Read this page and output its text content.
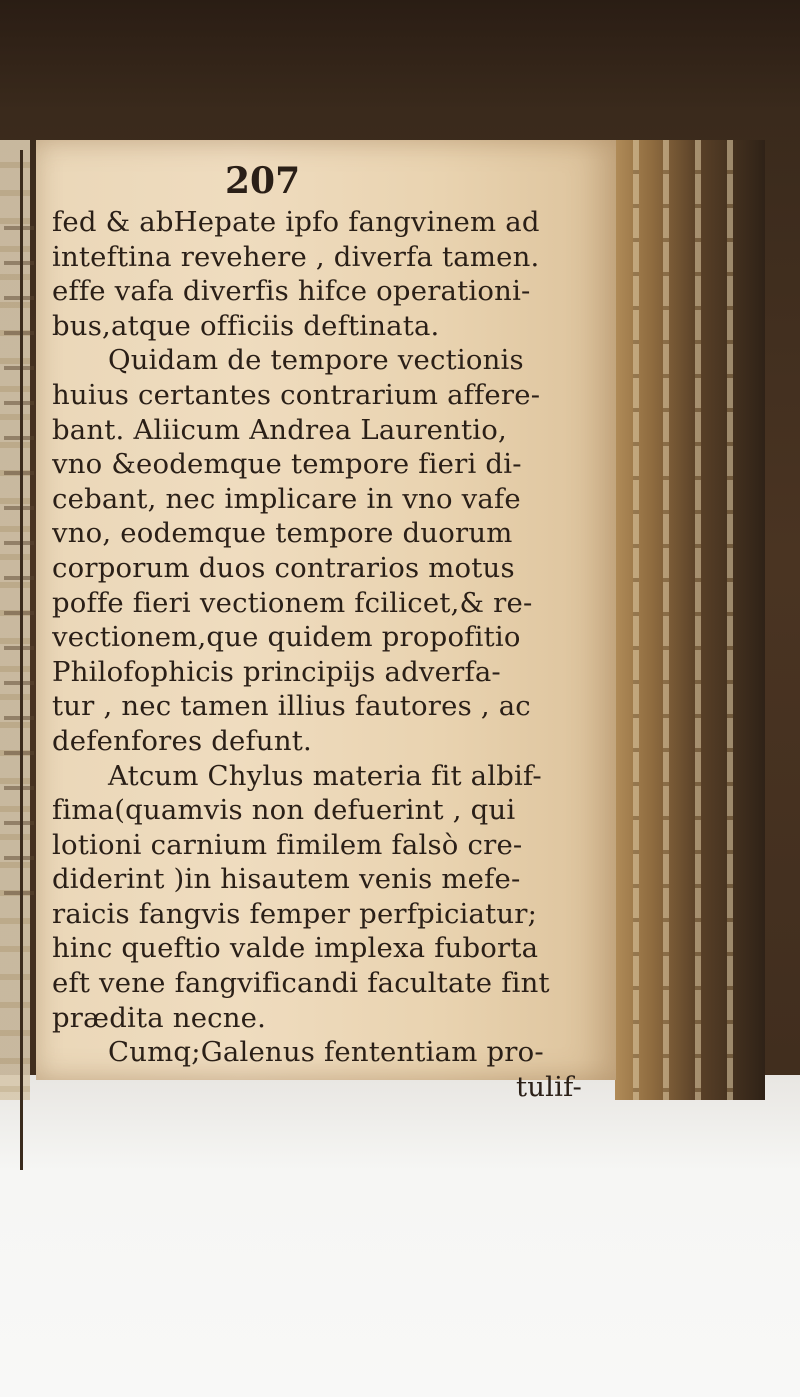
207
fed & abHepate ipfo fangvinem ad
inteftina revehere , diverfa tamen.
effe vafa diverfis hifce operationi-
bus,atque officiis deftinata.
Quidam de tempore vectionis
huius certantes contrarium affere-
bant. Aliicum Andrea Laurentio,
vno &eodemque tempore fieri di-
cebant, nec implicare in vno vafe
vno, eodemque tempore duorum
corporum duos contrarios motus
poffe fieri vectionem fcilicet,& re-
vectionem,que quidem propofitio
Philofophicis principijs adverfa-
tur , nec tamen illius fautores , ac
defenfores defunt.
Atcum Chylus materia fit albif-
fima(quamvis non defuerint , qui
lotioni carnium fimilem falsò cre-
diderint )in hisautem venis mefe-
raicis fangvis femper perfpiciatur;
hinc queftio valde implexa fuborta
eft vene fangvificandi facultate fint
prædita necne.
Cumq;Galenus fententiam pro-
tulif-
